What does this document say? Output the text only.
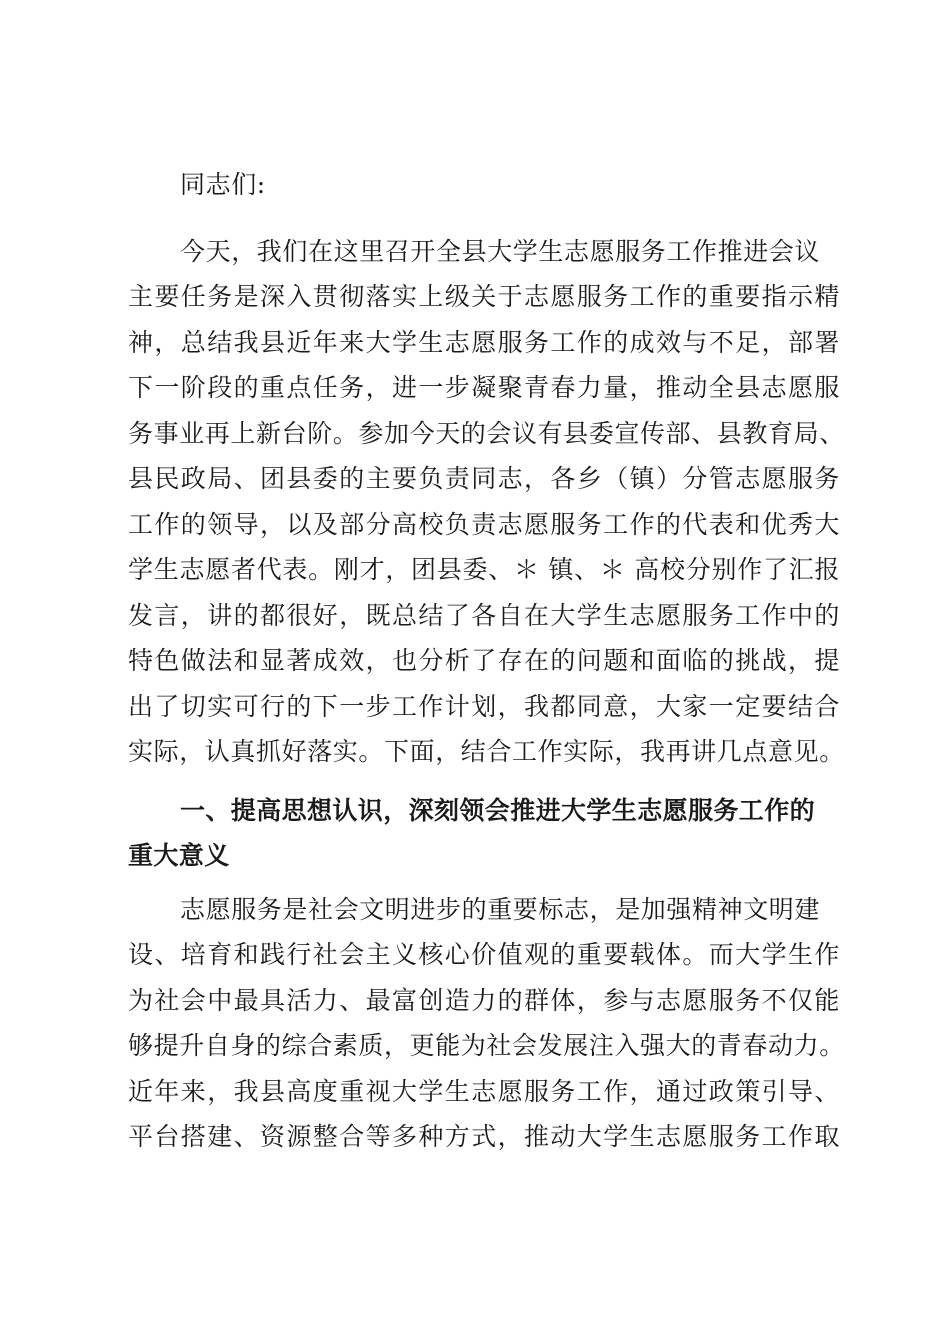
同志们:
今天，我们在这里召开全县大学生志愿服务工作推进会议
主要任务是深入贯彻落实上级关于志愿服务工作的重要指示精
神，总结我县近年来大学生志愿服务工作的成效与不足，部署
下一阶段的重点任务，进一步凝聚青春力量，推动全县志愿服
务事业再上新台阶。参加今天的会议有县委宣传部、县教育局、
县民政局、团县委的主要负责同志，各乡（镇）分管志愿服务
工作的领导，以及部分高校负责志愿服务工作的代表和优秀大
学生志愿者代表。刚才，团县委、＊ 镇、＊ 高校分别作了汇报
发言，讲的都很好，既总结了各自在大学生志愿服务工作中的
特色做法和显著成效，也分析了存在的问题和面临的挑战，提
出了切实可行的下一步工作计划，我都同意，大家一定要结合
实际，认真抓好落实。下面，结合工作实际，我再讲几点意见。
一、提高思想认识，深刻领会推进大学生志愿服务工作的
重大意义
志愿服务是社会文明进步的重要标志，是加强精神文明建
设、培育和践行社会主义核心价值观的重要载体。而大学生作
为社会中最具活力、最富创造力的群体，参与志愿服务不仅能
够提升自身的综合素质，更能为社会发展注入强大的青春动力。
近年来，我县高度重视大学生志愿服务工作，通过政策引导、
平台搭建、资源整合等多种方式，推动大学生志愿服务工作取
